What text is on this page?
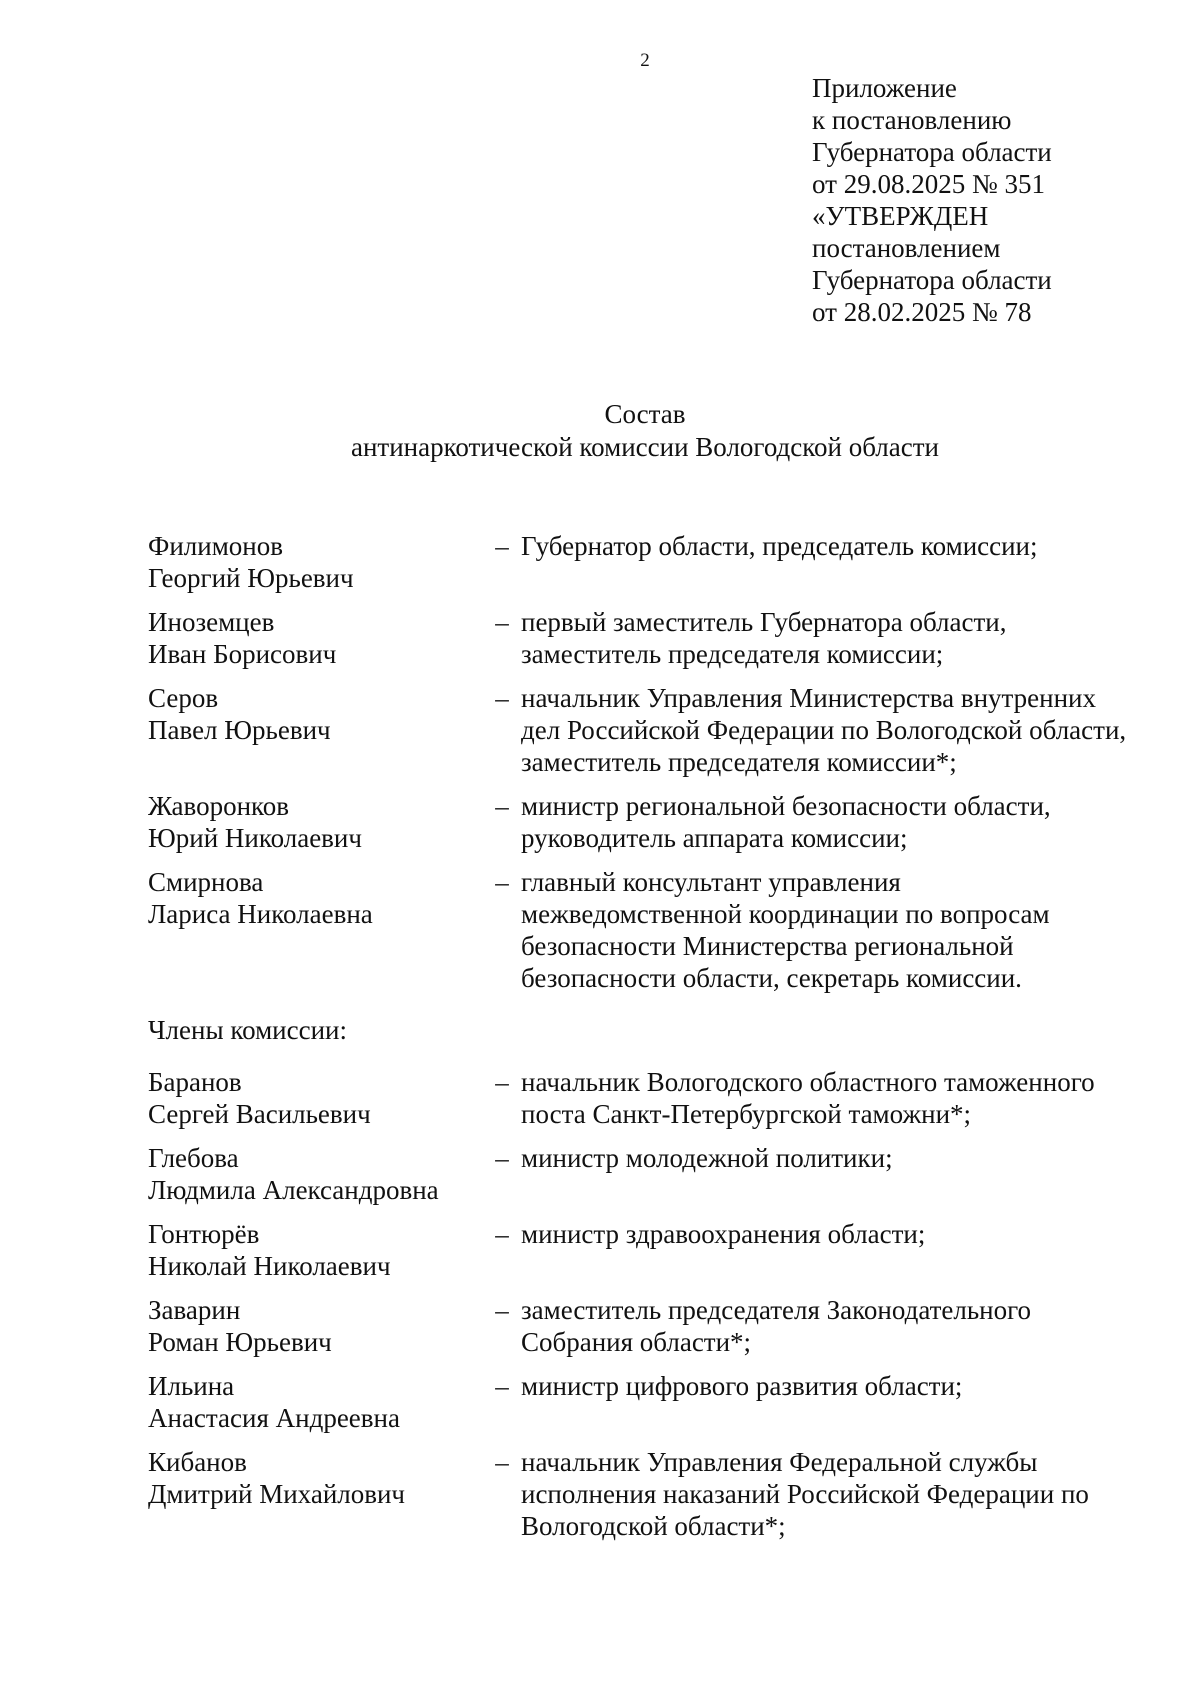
2
Приложение
к постановлению
Губернатора области
от 29.08.2025 № 351
«УТВЕРЖДЕН
постановлением
Губернатора области
от 28.02.2025 № 78
Состав
антинаркотической комиссии Вологодской области
Филимонов
Георгий Юрьевич
– Губернатор области, председатель комиссии;
Иноземцев
Иван Борисович
– первый заместитель Губернатора области,
заместитель председателя комиссии;
Серов
Павел Юрьевич
– начальник Управления Министерства внутренних
дел Российской Федерации по Вологодской области,
заместитель председателя комиссии*;
Жаворонков
Юрий Николаевич
– министр региональной безопасности области,
руководитель аппарата комиссии;
Смирнова
Лариса Николаевна
– главный консультант управления
межведомственной координации по вопросам
безопасности Министерства региональной
безопасности области, секретарь комиссии.
Члены комиссии:
Баранов
Сергей Васильевич
– начальник Вологодского областного таможенного
поста Санкт-Петербургской таможни*;
Глебова
Людмила Александровна
– министр молодежной политики;
Гонтюрёв
Николай Николаевич
– министр здравоохранения области;
Заварин
Роман Юрьевич
– заместитель председателя Законодательного
Собрания области*;
Ильина
Анастасия Андреевна
– министр цифрового развития области;
Кибанов
Дмитрий Михайлович
– начальник Управления Федеральной службы
исполнения наказаний Российской Федерации по
Вологодской области*;
